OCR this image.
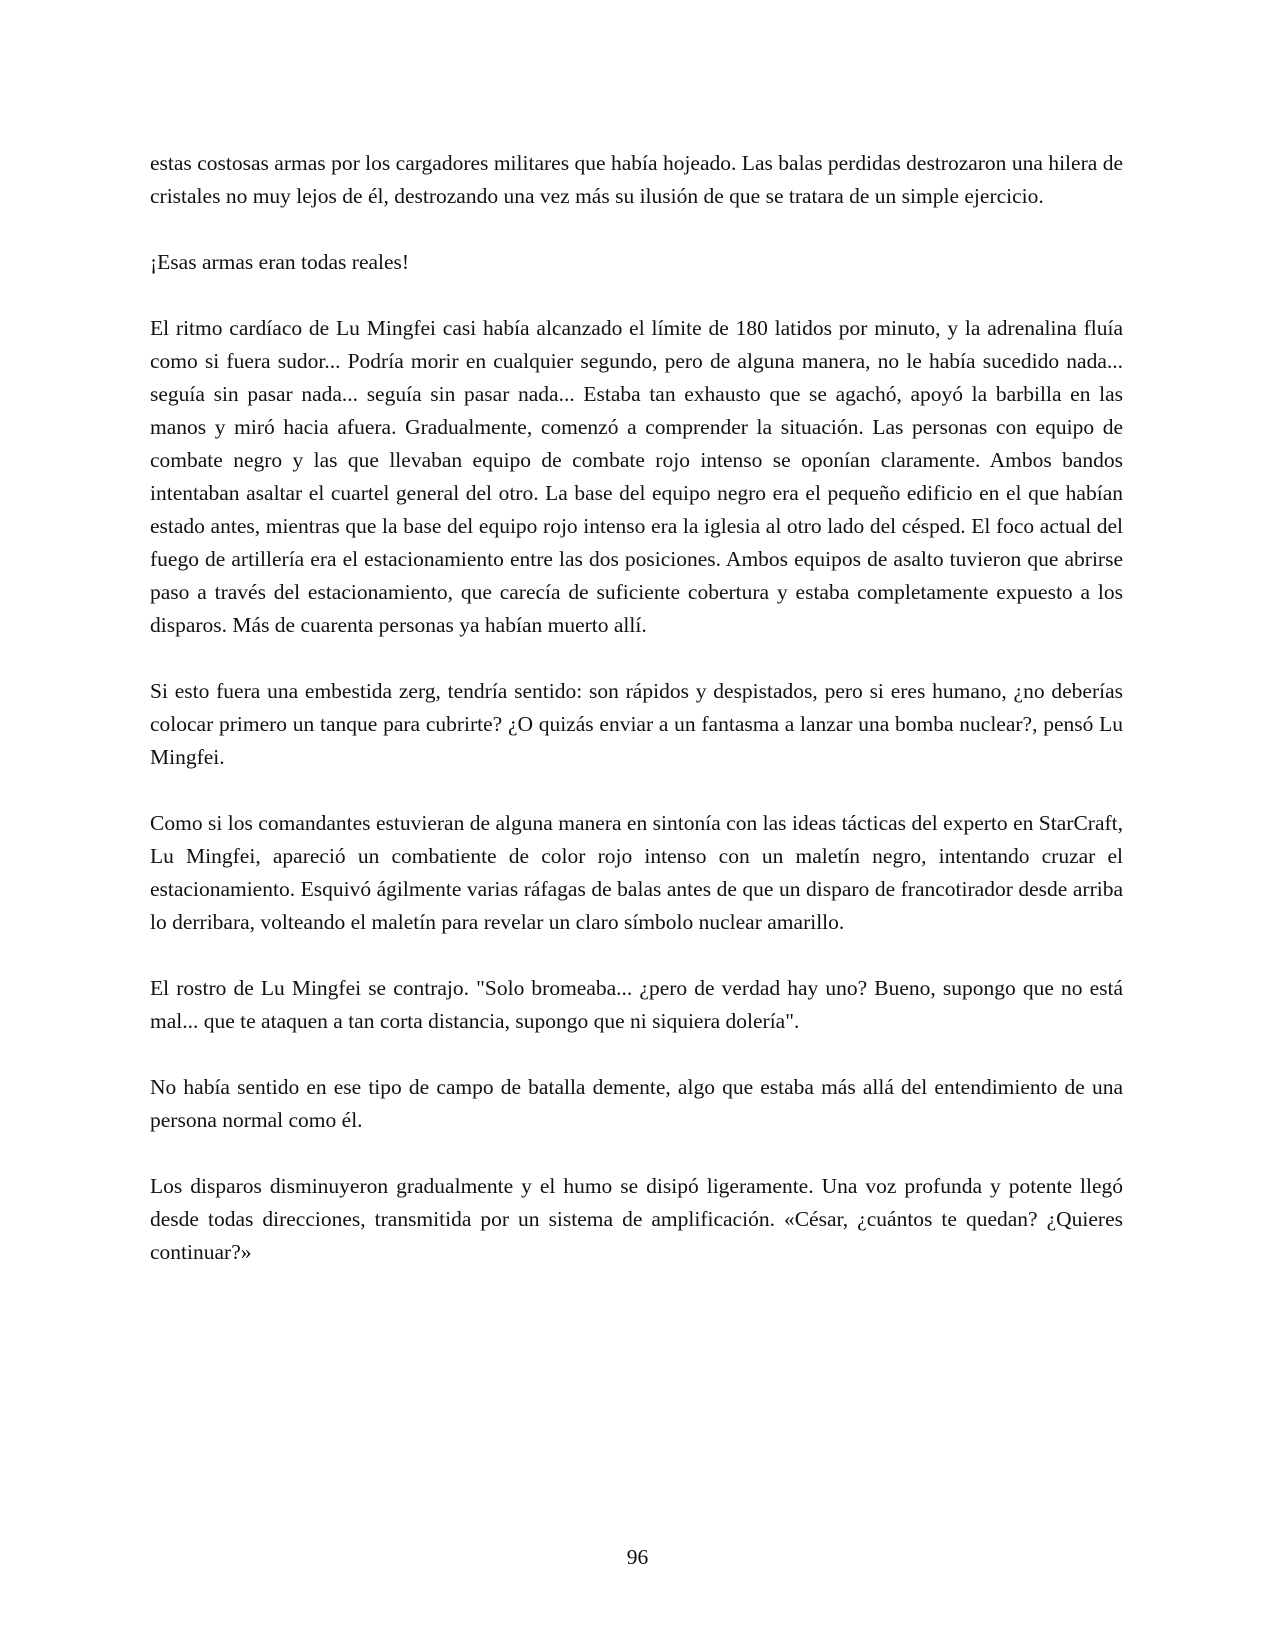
estas costosas armas por los cargadores militares que había hojeado. Las balas perdidas destrozaron una hilera de cristales no muy lejos de él, destrozando una vez más su ilusión de que se tratara de un simple ejercicio.

¡Esas armas eran todas reales!

El ritmo cardíaco de Lu Mingfei casi había alcanzado el límite de 180 latidos por minuto, y la adrenalina fluía como si fuera sudor... Podría morir en cualquier segundo, pero de alguna manera, no le había sucedido nada... seguía sin pasar nada... seguía sin pasar nada... Estaba tan exhausto que se agachó, apoyó la barbilla en las manos y miró hacia afuera. Gradualmente, comenzó a comprender la situación. Las personas con equipo de combate negro y las que llevaban equipo de combate rojo intenso se oponían claramente. Ambos bandos intentaban asaltar el cuartel general del otro. La base del equipo negro era el pequeño edificio en el que habían estado antes, mientras que la base del equipo rojo intenso era la iglesia al otro lado del césped. El foco actual del fuego de artillería era el estacionamiento entre las dos posiciones. Ambos equipos de asalto tuvieron que abrirse paso a través del estacionamiento, que carecía de suficiente cobertura y estaba completamente expuesto a los disparos. Más de cuarenta personas ya habían muerto allí.

Si esto fuera una embestida zerg, tendría sentido: son rápidos y despistados, pero si eres humano, ¿no deberías colocar primero un tanque para cubrirte? ¿O quizás enviar a un fantasma a lanzar una bomba nuclear?, pensó Lu Mingfei.

Como si los comandantes estuvieran de alguna manera en sintonía con las ideas tácticas del experto en StarCraft, Lu Mingfei, apareció un combatiente de color rojo intenso con un maletín negro, intentando cruzar el estacionamiento. Esquivó ágilmente varias ráfagas de balas antes de que un disparo de francotirador desde arriba lo derribara, volteando el maletín para revelar un claro símbolo nuclear amarillo.

El rostro de Lu Mingfei se contrajo. "Solo bromeaba... ¿pero de verdad hay uno? Bueno, supongo que no está mal... que te ataquen a tan corta distancia, supongo que ni siquiera dolería".

No había sentido en ese tipo de campo de batalla demente, algo que estaba más allá del entendimiento de una persona normal como él.

Los disparos disminuyeron gradualmente y el humo se disipó ligeramente. Una voz profunda y potente llegó desde todas direcciones, transmitida por un sistema de amplificación. «César, ¿cuántos te quedan? ¿Quieres continuar?»

96
